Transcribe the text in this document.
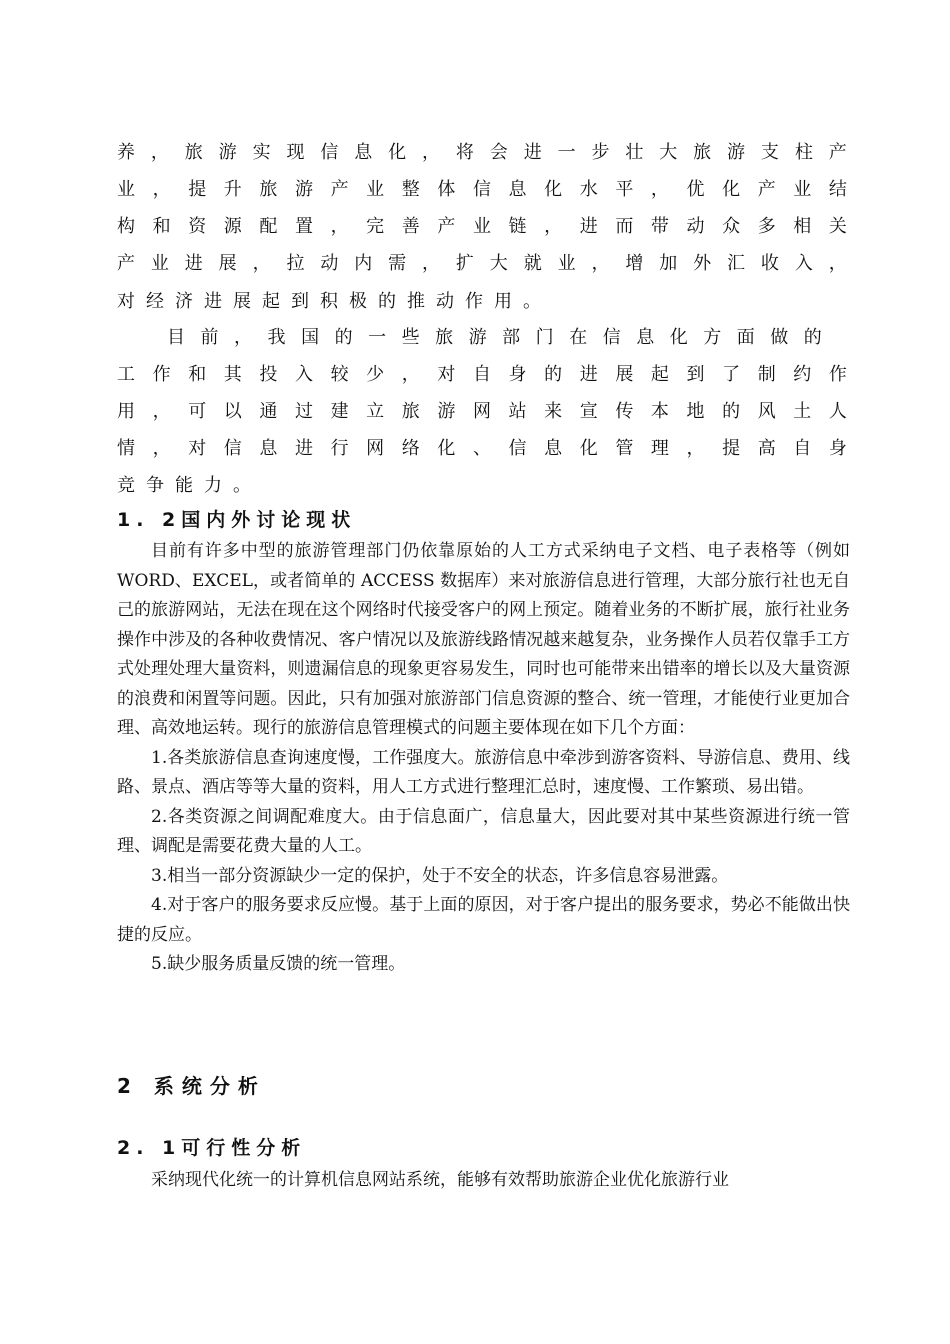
养 ， 旅 游 实 现 信 息 化 ， 将 会 进 一 步 壮 大 旅 游 支 柱 产
业 ， 提 升 旅 游 产 业 整 体 信 息 化 水 平 ， 优 化 产 业 结
构 和 资 源 配 置 ， 完 善 产 业 链 ， 进 而 带 动 众 多 相 关
产 业 进 展 ， 拉 动 内 需 ， 扩 大 就 业 ， 增 加 外 汇 收 入 ，
对 经 济 进 展 起 到 积 极 的 推 动 作 用 。
目 前 ， 我 国 的 一 些 旅 游 部 门 在 信 息 化 方 面 做 的
工 作 和 其 投 入 较 少 ， 对 自 身 的 进 展 起 到 了 制 约 作
用 ， 可 以 通 过 建 立 旅 游 网 站 来 宣 传 本 地 的 风 土 人
情 ， 对 信 息 进 行 网 络 化 、 信 息 化 管 理 ， 提 高 自 身
竞 争 能 力 。
1. 2国内外讨论现状

目前有许多中型的旅游管理部门仍依靠原始的人工方式采纳电子文档、电子表格等（例如 WORD、EXCEL，或者简单的 ACCESS 数据库）来对旅游信息进行管理，大部分旅行社也无自己的旅游网站，无法在现在这个网络时代接受客户的网上预定。随着业务的不断扩展，旅行社业务操作中涉及的各种收费情况、客户情况以及旅游线路情况越来越复杂，业务操作人员若仅靠手工方式处理处理大量资料，则遗漏信息的现象更容易发生，同时也可能带来出错率的增长以及大量资源的浪费和闲置等问题。因此，只有加强对旅游部门信息资源的整合、统一管理，才能使行业更加合理、高效地运转。现行的旅游信息管理模式的问题主要体现在如下几个方面：

1.各类旅游信息查询速度慢，工作强度大。旅游信息中牵涉到游客资料、导游信息、费用、线路、景点、酒店等等大量的资料，用人工方式进行整理汇总时，速度慢、工作繁琐、易出错。

2.各类资源之间调配难度大。由于信息面广，信息量大，因此要对其中某些资源进行统一管理、调配是需要花费大量的人工。

3.相当一部分资源缺少一定的保护，处于不安全的状态，许多信息容易泄露。

4.对于客户的服务要求反应慢。基于上面的原因，对于客户提出的服务要求，势必不能做出快捷的反应。

5.缺少服务质量反馈的统一管理。

2 系统分析
2. 1可行性分析

采纳现代化统一的计算机信息网站系统，能够有效帮助旅游企业优化旅游行业
